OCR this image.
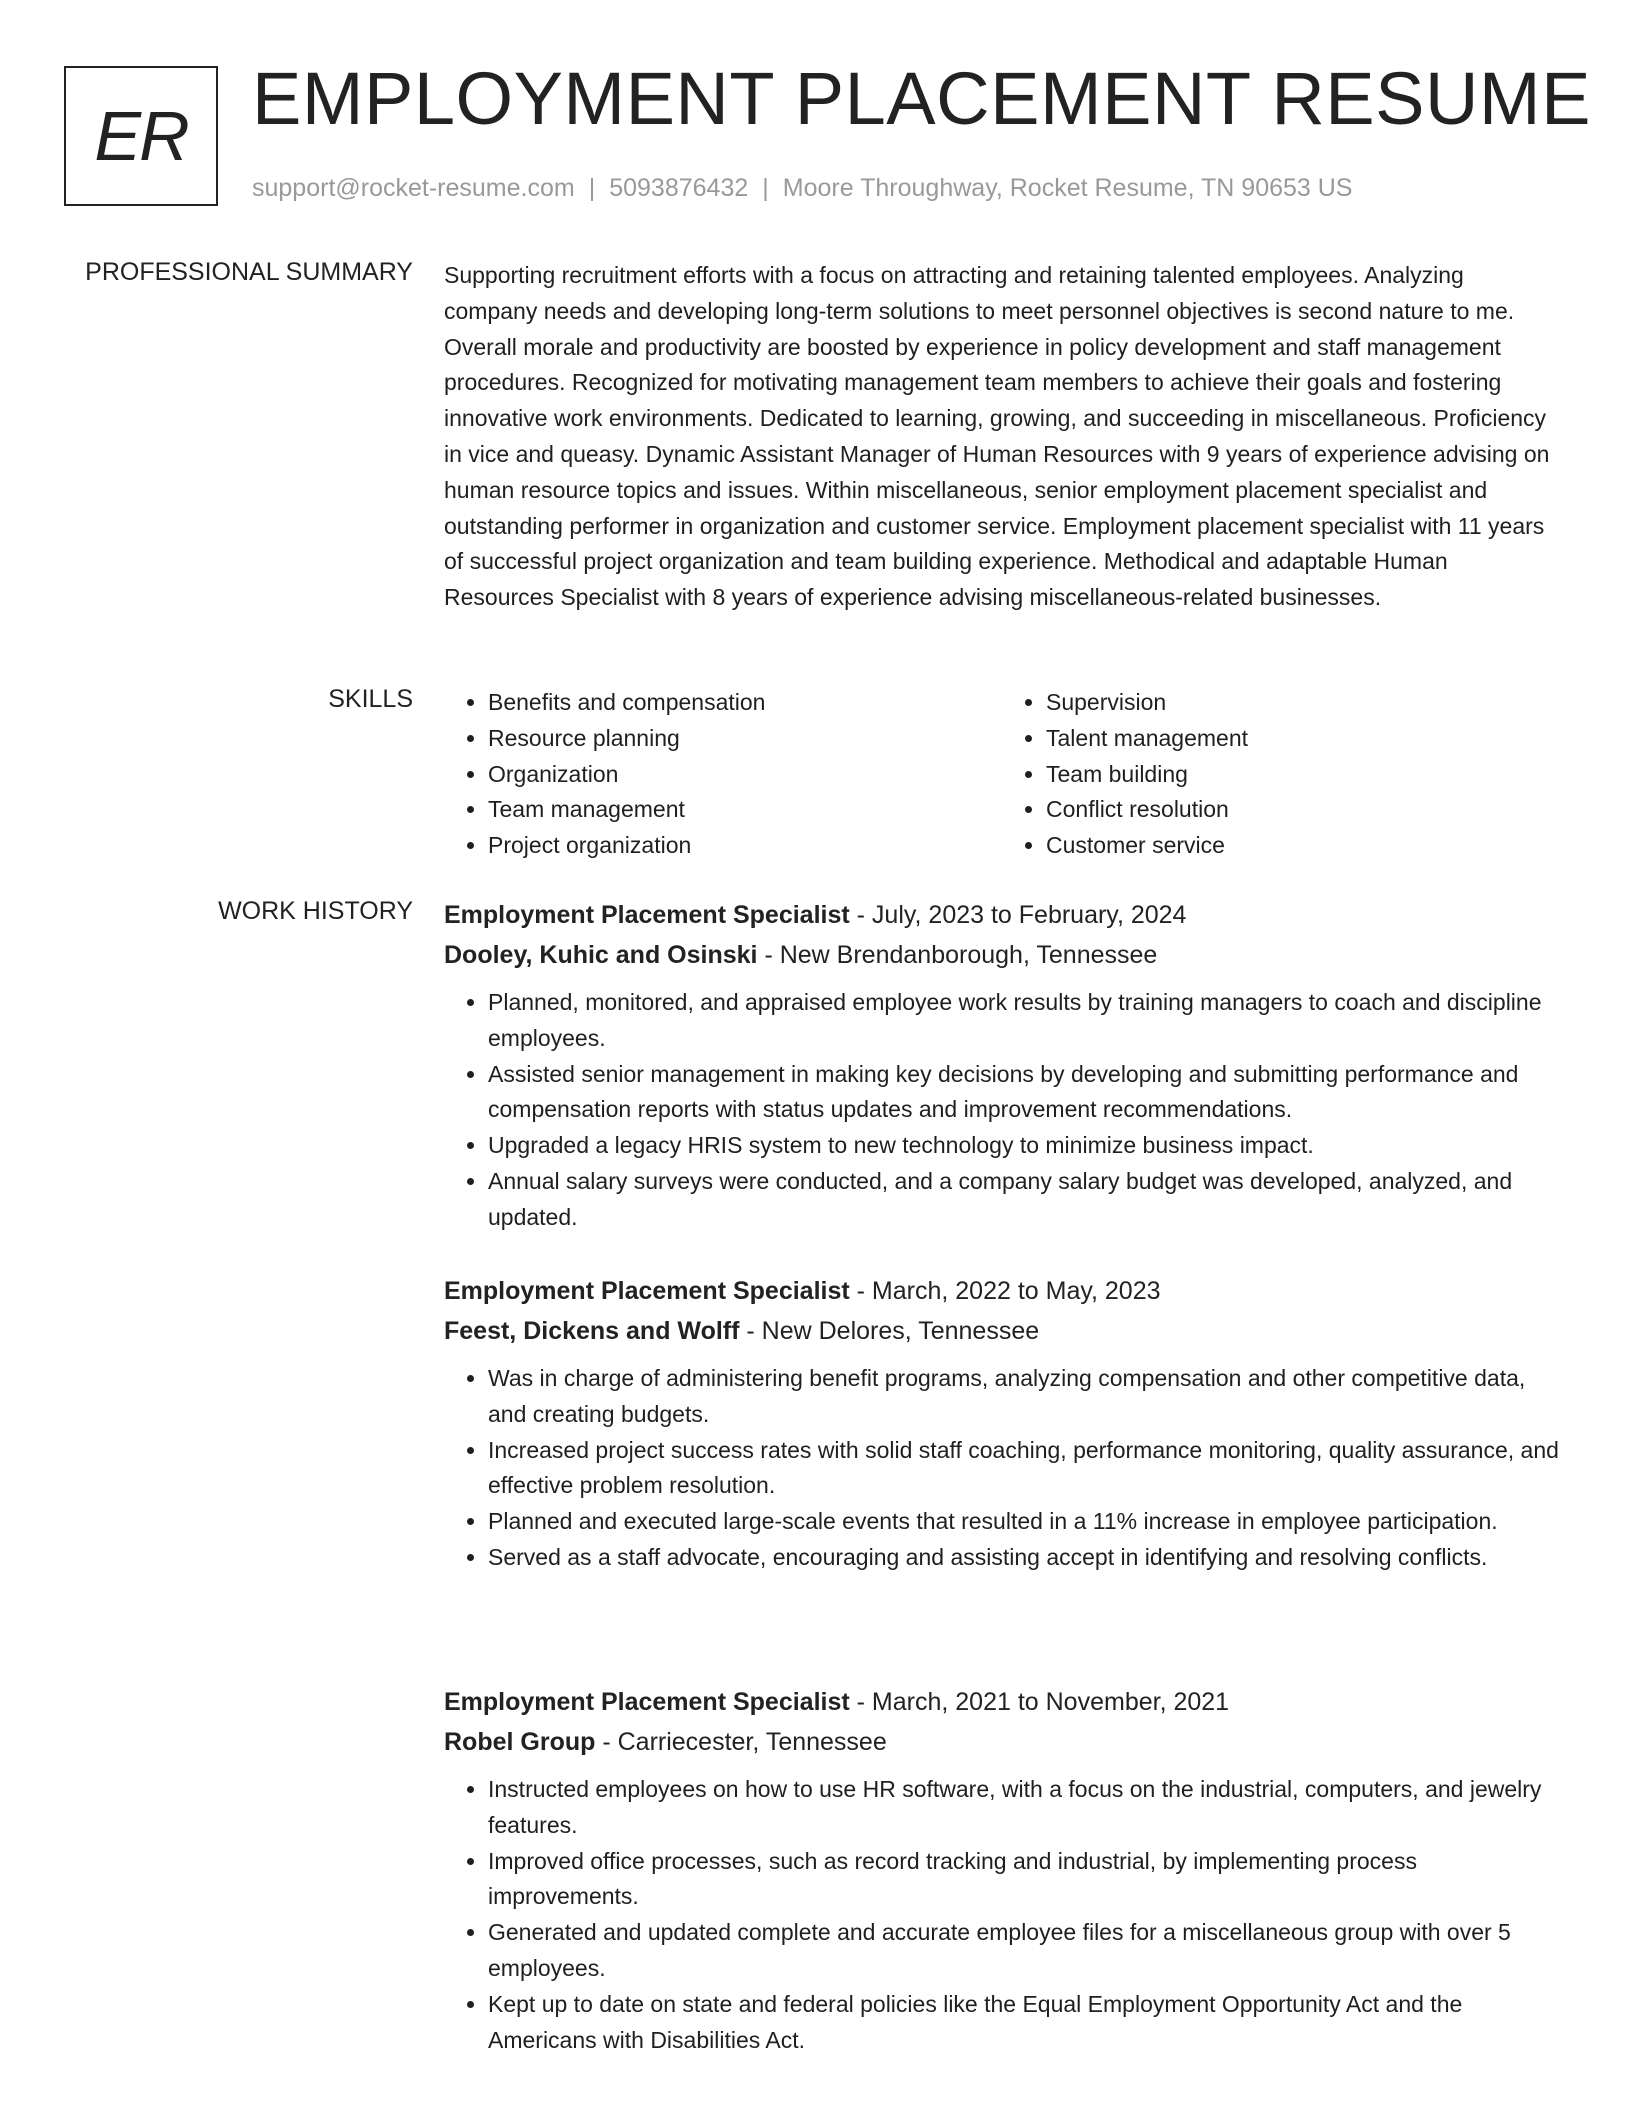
ER EMPLOYMENT PLACEMENT RESUME
support@rocket-resume.com | 5093876432 | Moore Throughway, Rocket Resume, TN 90653 US
PROFESSIONAL SUMMARY Supporting recruitment efforts with a focus on attracting and retaining talented employees. Analyzing company needs and developing long-term solutions to meet personnel objectives is second nature to me. Overall morale and productivity are boosted by experience in policy development and staff management procedures. Recognized for motivating management team members to achieve their goals and fostering innovative work environments. Dedicated to learning, growing, and succeeding in miscellaneous. Proficiency in vice and queasy. Dynamic Assistant Manager of Human Resources with 9 years of experience advising on human resource topics and issues. Within miscellaneous, senior employment placement specialist and outstanding performer in organization and customer service. Employment placement specialist with 11 years of successful project organization and team building experience. Methodical and adaptable Human Resources Specialist with 8 years of experience advising miscellaneous-related businesses.

SKILLS
•	Benefits and compensation
• Resource planning
• Organization
• Team management
• Project organization
• Supervision
• Talent management
• Team building
• Conflict resolution
• Customer service
WORK HISTORY Employment Placement Specialist - July, 2023 to February, 2024
Dooley, Kuhic and Osinski - New Brendanborough, Tennessee
• Planned, monitored, and appraised employee work results by training managers to coach and discipline employees.
• Assisted senior management in making key decisions by developing and submitting performance and compensation reports with status updates and improvement recommendations.
• Upgraded a legacy HRIS system to new technology to minimize business impact.
• Annual salary surveys were conducted, and a company salary budget was developed, analyzed, and updated.
Employment Placement Specialist - March, 2022 to May, 2023
Feest, Dickens and Wolff - New Delores, Tennessee
• Was in charge of administering benefit programs, analyzing compensation and other competitive data, and creating budgets.
• Increased project success rates with solid staff coaching, performance monitoring, quality assurance, and effective problem resolution.
• Planned and executed large-scale events that resulted in a 11% increase in employee participation.
• Served as a staff advocate, encouraging and assisting accept in identifying and resolving conflicts.
Employment Placement Specialist - March, 2021 to November, 2021
Robel Group - Carriecester, Tennessee
• Instructed employees on how to use HR software, with a focus on the industrial, computers, and jewelry features.
• Improved office processes, such as record tracking and industrial, by implementing process improvements.
• Generated and updated complete and accurate employee files for a miscellaneous group with over 5 employees.
• Kept up to date on state and federal policies like the Equal Employment Opportunity Act and the Americans with Disabilities Act.
